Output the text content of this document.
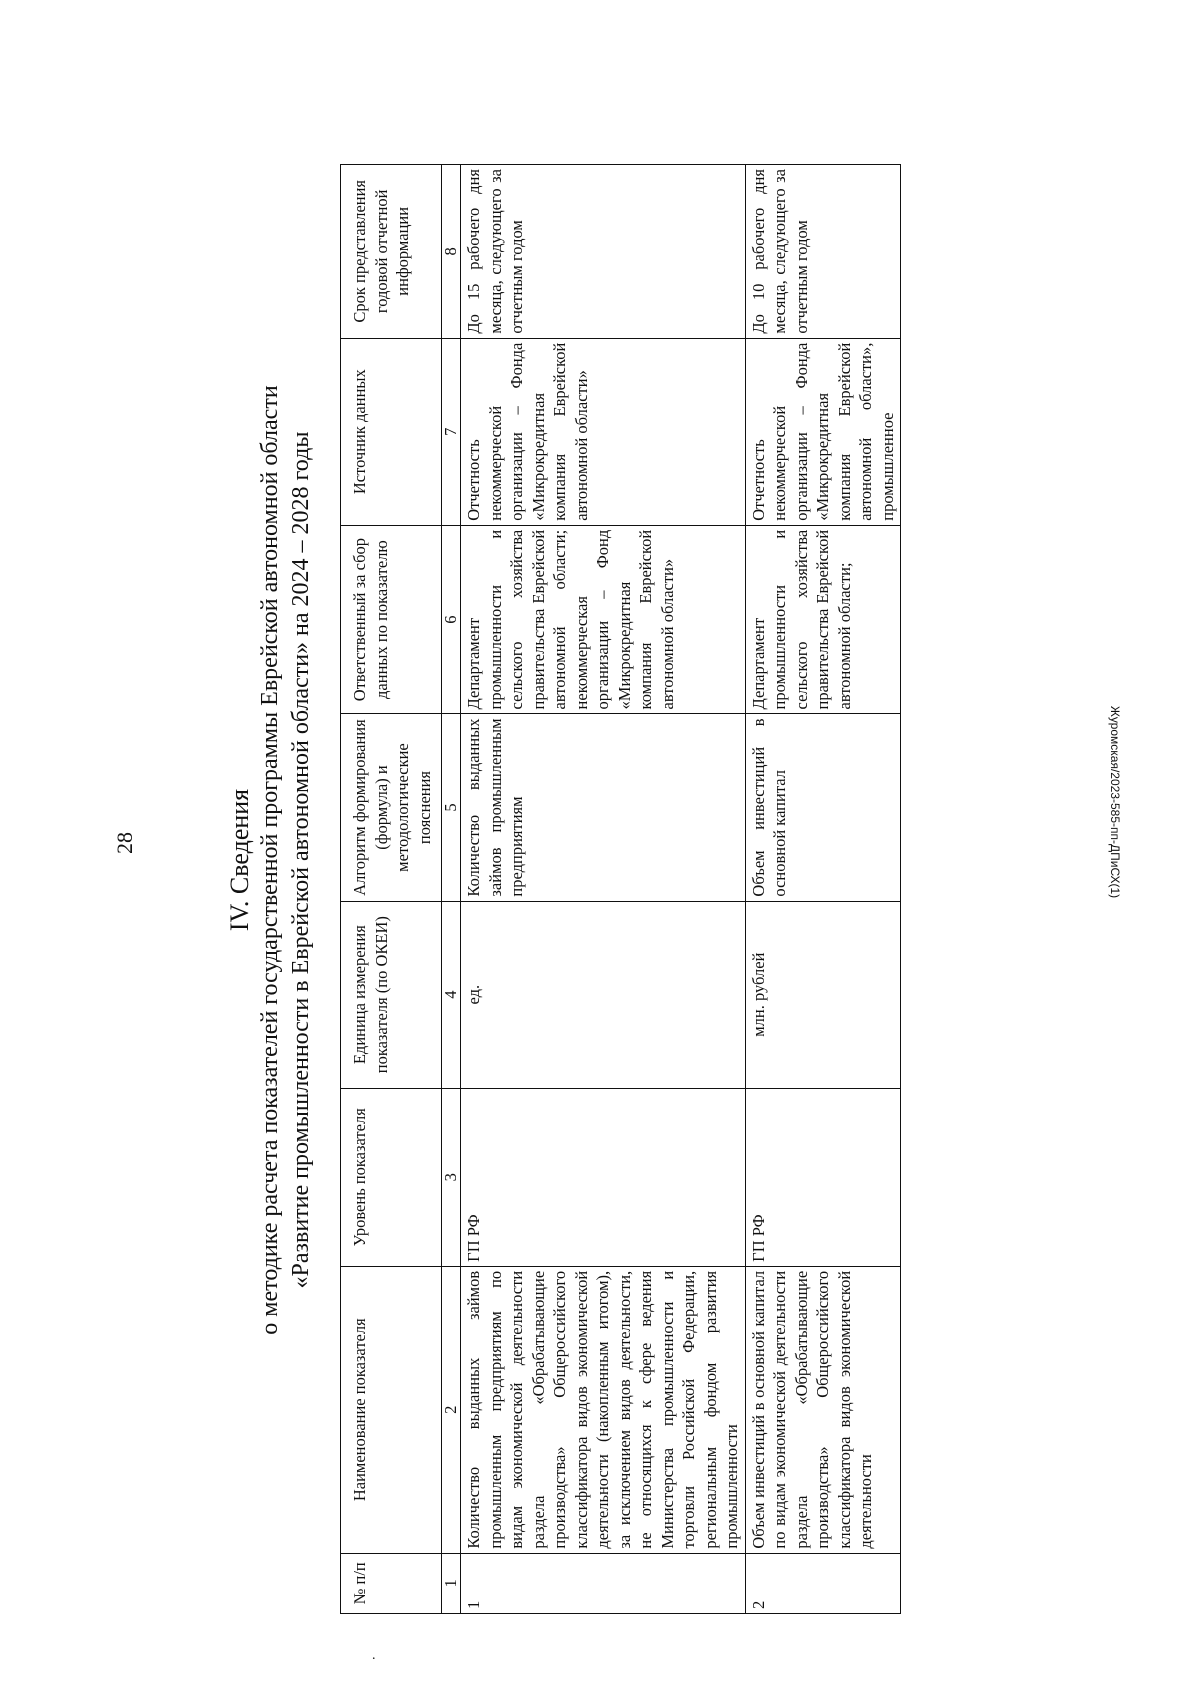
28	Журомская/2023-585-пп-ДПиСХ(1)
.
IV. Сведения о методике расчета показателей государственной программы Еврейской автономной области «Развитие промышленности в Еврейской автономной области» на 2024 – 2028 годы
№ п/п	Наименование показателя	Уровень показателя	Единица измерения показателя (по ОКЕИ)	Алгоритм формирования (формула) и методологические пояснения	Ответственный за сбор данных по показателю	Источник данных	Срок представления годовой отчетной информации
1	2	3	4	5	6	7	8
1	Количество выданных займов промышленным предприятиям по видам экономической деятельности раздела «Обрабатывающие производства» Общероссийского классификатора видов экономической деятельности (накопленным итогом), за исключением видов деятельности, не относящихся к сфере ведения Министерства промышленности и торговли Российской Федерации, региональным фондом развития промышленности	ГП РФ	ед.	Количество выданных займов промышленным предприятиям	Департамент промышленности и сельского хозяйства правительства Еврейской автономной области; некоммерческая организации – Фонд «Микрокредитная компания Еврейской автономной области»	Отчетность некоммерческой организации – Фонда «Микрокредитная компания Еврейской автономной области»	До 15 рабочего дня месяца, следующего за отчетным годом
2	Объем инвестиций в основной капитал по видам экономической деятельности раздела «Обрабатывающие производства» Общероссийского классификатора видов экономической деятельности	ГП РФ	млн. рублей	Объем инвестиций в основной капитал	Департамент промышленности и сельского хозяйства правительства Еврейской автономной области;	Отчетность некоммерческой организации – Фонда «Микрокредитная компания Еврейской автономной области», промышленное	До 10 рабочего дня месяца, следующего за отчетным годом
